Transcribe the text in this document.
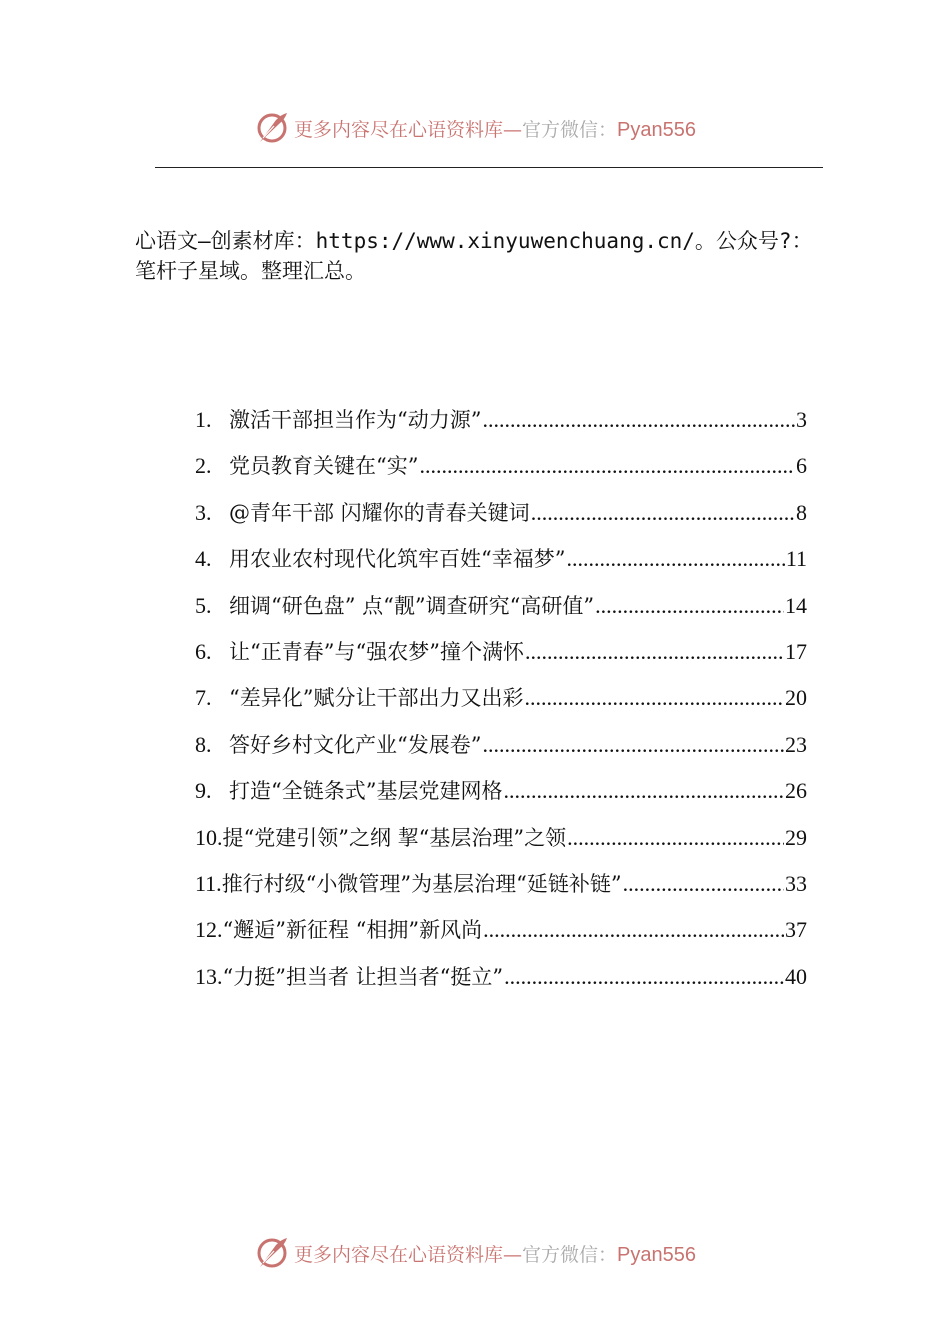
更多内容尽在心语资料库—官方微信：Pyan556
心语文—创素材库：https://www.xinyuwenchuang.cn/。公众号?：笔杆子星域。整理汇总。
1. 激活干部担当作为“动力源” .....	3
2. 党员教育关键在“实” .....	6
3. @青年干部 闪耀你的青春关键词 .....	8
4. 用农业农村现代化筑牢百姓“幸福梦” .....	11
5. 细调“研色盘” 点“靓”调查研究“高研值” .....	14
6. 让“正青春”与“强农梦”撞个满怀 .....	17
7. “差异化”赋分让干部出力又出彩 .....	20
8. 答好乡村文化产业“发展卷” .....	23
9. 打造“全链条式”基层党建网格 .....	26
10. 提“党建引领”之纲 挈“基层治理”之领 .....	29
11. 推行村级“小微管理”为基层治理“延链补链” .....	33
12. “邂逅”新征程 “相拥”新风尚 .....	37
13. “力挺”担当者 让担当者“挺立” .....	40
更多内容尽在心语资料库—官方微信：Pyan556
